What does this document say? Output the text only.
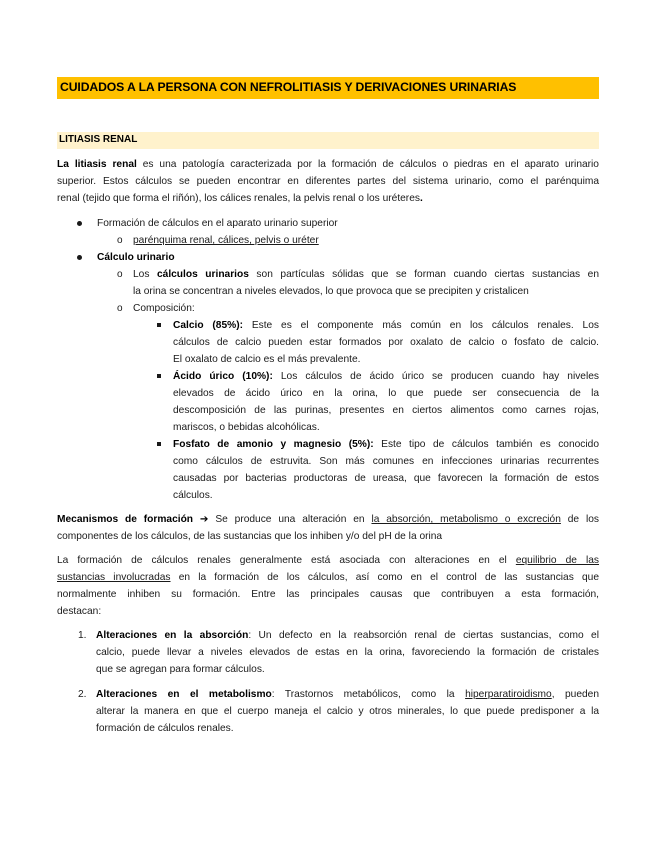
CUIDADOS A LA PERSONA CON NEFROLITIASIS Y DERIVACIONES URINARIAS
LITIASIS RENAL
La litiasis renal es una patología caracterizada por la formación de cálculos o piedras en el aparato urinario
superior. Estos cálculos se pueden encontrar en diferentes partes del sistema urinario, como el parénquima
renal (tejido que forma el riñón), los cálices renales, la pelvis renal o los uréteres.
Formación de cálculos en el aparato urinario superior
o parénquima renal, cálices, pelvis o uréter
Cálculo urinario
o Los cálculos urinarios son partículas sólidas que se forman cuando ciertas sustancias en
la orina se concentran a niveles elevados, lo que provoca que se precipiten y cristalicen
o Composición:
Calcio (85%): Este es el componente más común en los cálculos renales. Los
cálculos de calcio pueden estar formados por oxalato de calcio o fosfato de calcio.
El oxalato de calcio es el más prevalente.
Ácido úrico (10%): Los cálculos de ácido úrico se producen cuando hay niveles
elevados de ácido úrico en la orina, lo que puede ser consecuencia de la
descomposición de las purinas, presentes en ciertos alimentos como carnes rojas,
mariscos, o bebidas alcohólicas.
Fosfato de amonio y magnesio (5%): Este tipo de cálculos también es conocido
como cálculos de estruvita. Son más comunes en infecciones urinarias recurrentes
causadas por bacterias productoras de ureasa, que favorecen la formación de estos
cálculos.
Mecanismos de formación ➔ Se produce una alteración en la absorción, metabolismo o excreción de los
componentes de los cálculos, de las sustancias que los inhiben y/o del pH de la orina
La formación de cálculos renales generalmente está asociada con alteraciones en el equilibrio de las
sustancias involucradas en la formación de los cálculos, así como en el control de las sustancias que
normalmente inhiben su formación. Entre las principales causas que contribuyen a esta formación,
destacan:
1. Alteraciones en la absorción: Un defecto en la reabsorción renal de ciertas sustancias, como el
calcio, puede llevar a niveles elevados de estas en la orina, favoreciendo la formación de cristales
que se agregan para formar cálculos.
2. Alteraciones en el metabolismo: Trastornos metabólicos, como la hiperparatiroidismo, pueden
alterar la manera en que el cuerpo maneja el calcio y otros minerales, lo que puede predisponer a la
formación de cálculos renales.
